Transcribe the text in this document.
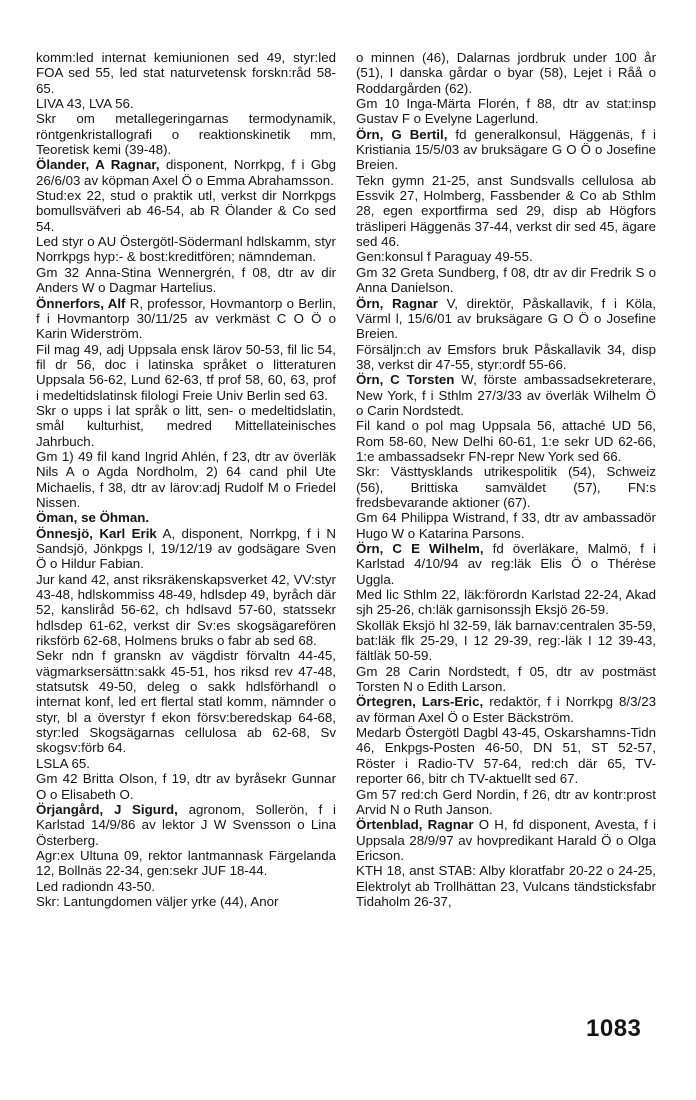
komm:led internat kemiunionen sed 49, styr:led FOA sed 55, led stat naturvetensk forskn:råd 58-65.

LIVA 43, LVA 56.

Skr om metallegeringarnas termodynamik, röntgenkristallografi o reaktionskinetik mm, Teoretisk kemi (39-48).

Ölander, A Ragnar, disponent, Norrkpg, f i Gbg 26/6/03 av köpman Axel Ö o Emma Abrahamsson.

Stud:ex 22, stud o praktik utl, verkst dir Norrkpgs bomullsväfveri ab 46-54, ab R Ölander & Co sed 54.

Led styr o AU Östergötl-Södermanl hdlskamm, styr Norrkpgs hyp:- & bost:kreditfören; nämndeman.

Gm 32 Anna-Stina Wennergrén, f 08, dtr av dir Anders W o Dagmar Hartelius.

Önnerfors, Alf R, professor, Hovmantorp o Berlin, f i Hovmantorp 30/11/25 av verkmäst C O Ö o Karin Widerström.

Fil mag 49, adj Uppsala ensk lärov 50-53, fil lic 54, fil dr 56, doc i latinska språket o litteraturen Uppsala 56-62, Lund 62-63, tf prof 58, 60, 63, prof i medeltidslatinsk filologi Freie Univ Berlin sed 63.

Skr o upps i lat språk o litt, sen- o medeltidslatin, smål kulturhist, medred Mittellateinisches Jahrbuch.

Gm 1) 49 fil kand Ingrid Ahlén, f 23, dtr av överläk Nils A o Agda Nordholm, 2) 64 cand phil Ute Michaelis, f 38, dtr av lärov:adj Rudolf M o Friedel Nissen.

Öman, se Öhman.

Önnesjö, Karl Erik A, disponent, Norrkpg, f i N Sandsjö, Jönkpgs l, 19/12/19 av godsägare Sven Ö o Hildur Fabian.

Jur kand 42, anst riksräkenskapsverket 42, VV:styr 43-48, hdlskommiss 48-49, hdlsdep 49, byråch där 52, kansliråd 56-62, ch hdlsavd 57-60, statssekr hdlsdep 61-62, verkst dir Sv:es skogsägarefören riksförb 62-68, Holmens bruks o fabr ab sed 68.

Sekr ndn f granskn av vägdistr förvaltn 44-45, vägmarksersättn:sakk 45-51, hos riksd rev 47-48, statsutsk 49-50, deleg o sakk hdlsförhandl o internat konf, led ert flertal statl komm, nämnder o styr, bl a överstyr f ekon försv:beredskap 64-68, styr:led Skogsägarnas cellulosa ab 62-68, Sv skogsv:förb 64.

LSLA 65.

Gm 42 Britta Olson, f 19, dtr av byråsekr Gunnar O o Elisabeth O.

Örjangård, J Sigurd, agronom, Sollerön, f i Karlstad 14/9/86 av lektor J W Svensson o Lina Österberg.

Agr:ex Ultuna 09, rektor lantmannask Färgelanda 12, Bollnäs 22-34, gen:sekr JUF 18-44.

Led radiondn 43-50.

Skr: Lantungdomen väljer yrke (44), Anor

o minnen (46), Dalarnas jordbruk under 100 år (51), I danska gårdar o byar (58), Lejet i Råå o Roddargården (62).

Gm 10 Inga-Märta Florén, f 88, dtr av stat:insp Gustav F o Evelyne Lagerlund.

Örn, G Bertil, fd generalkonsul, Häggenäs, f i Kristiania 15/5/03 av bruksägare G O Ö o Josefine Breien.

Tekn gymn 21-25, anst Sundsvalls cellulosa ab Essvik 27, Holmberg, Fassbender & Co ab Sthlm 28, egen exportfirma sed 29, disp ab Högfors träsliperi Häggenäs 37-44, verkst dir sed 45, ägare sed 46.

Gen:konsul f Paraguay 49-55.

Gm 32 Greta Sundberg, f 08, dtr av dir Fredrik S o Anna Danielson.

Örn, Ragnar V, direktör, Påskallavik, f i Köla, Värml l, 15/6/01 av bruksägare G O Ö o Josefine Breien.

Försäljn:ch av Emsfors bruk Påskallavik 34, disp 38, verkst dir 47-55, styr:ordf 55-66.

Örn, C Torsten W, förste ambassadsekreterare, New York, f i Sthlm 27/3/33 av överläk Wilhelm Ö o Carin Nordstedt.

Fil kand o pol mag Uppsala 56, attaché UD 56, Rom 58-60, New Delhi 60-61, 1:e sekr UD 62-66, 1:e ambassadsekr FN-repr New York sed 66.

Skr: Västtysklands utrikespolitik (54), Schweiz (56), Brittiska samväldet (57), FN:s fredsbevarande aktioner (67).

Gm 64 Philippa Wistrand, f 33, dtr av ambassadör Hugo W o Katarina Parsons.

Örn, C E Wilhelm, fd överläkare, Malmö, f i Karlstad 4/10/94 av reg:läk Elis Ö o Thérèse Uggla.

Med lic Sthlm 22, läk:förordn Karlstad 22-24, Akad sjh 25-26, ch:läk garnisonssjh Eksjö 26-59.

Skolläk Eksjö hl 32-59, läk barnav:centralen 35-59, bat:läk flk 25-29, I 12 29-39, reg:-läk I 12 39-43, fältläk 50-59.

Gm 28 Carin Nordstedt, f 05, dtr av postmäst Torsten N o Edith Larson.

Örtegren, Lars-Eric, redaktör, f i Norrkpg 8/3/23 av förman Axel Ö o Ester Bäckström.

Medarb Östergötl Dagbl 43-45, Oskarshamns-Tidn 46, Enkpgs-Posten 46-50, DN 51, ST 52-57, Röster i Radio-TV 57-64, red:ch där 65, TV-reporter 66, bitr ch TV-aktuellt sed 67.

Gm 57 red:ch Gerd Nordin, f 26, dtr av kontr:prost Arvid N o Ruth Janson.

Örtenblad, Ragnar O H, fd disponent, Avesta, f i Uppsala 28/9/97 av hovpredikant Harald Ö o Olga Ericson.

KTH 18, anst STAB: Alby kloratfabr 20-22 o 24-25, Elektrolyt ab Trollhättan 23, Vulcans tändsticksfabr Tidaholm 26-37,

1083
